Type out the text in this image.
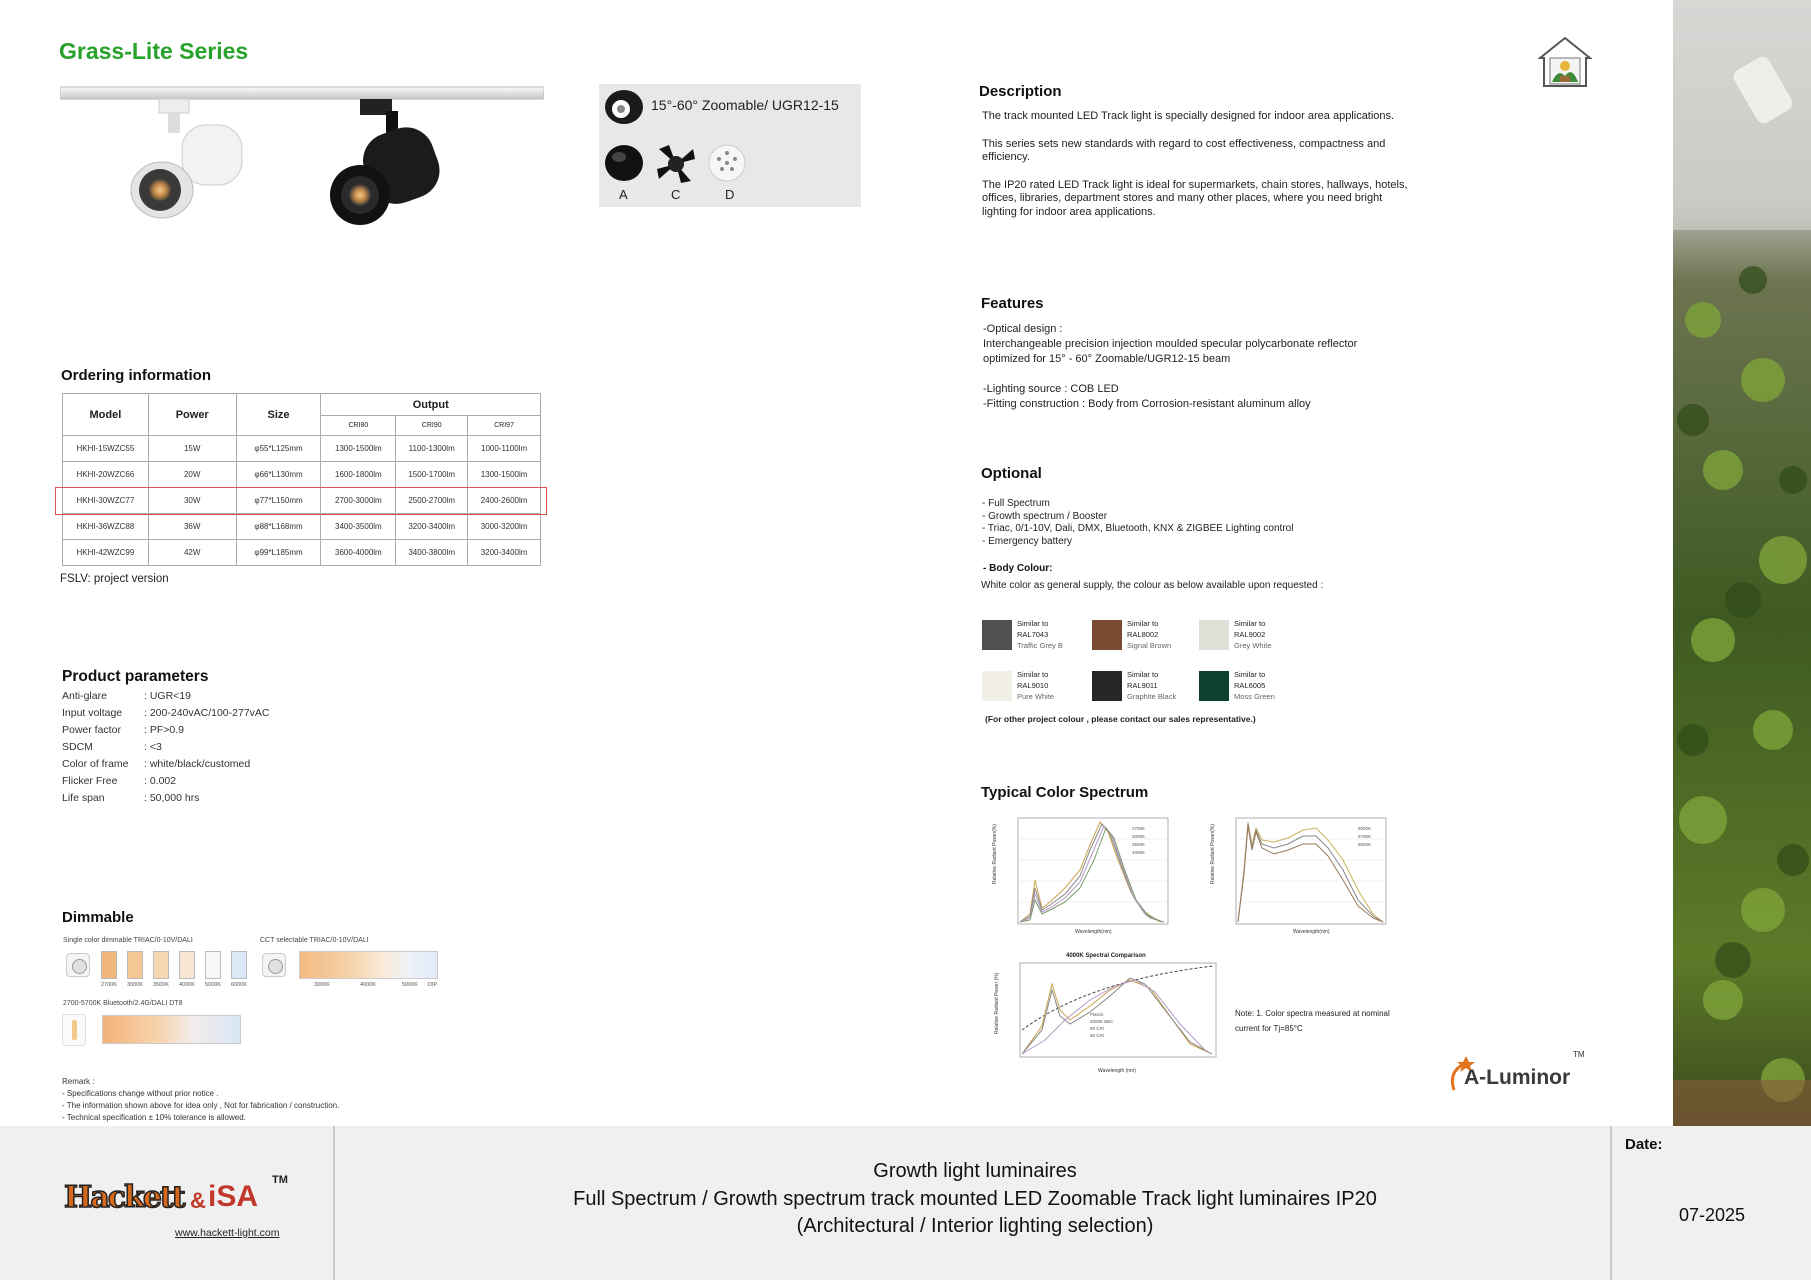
Grass-Lite Series
15°-60° Zoomable/ UGR12-15
A	C	D
Ordering information
Model	Power	Size	Output		
			CRI80	CRI90	CRI97
HKHI-15WZC55	15W	φ55*L125mm	1300-1500lm	1100-1300lm	1000-1100lm
HKHI-20WZC66	20W	φ66*L130mm	1600-1800lm	1500-1700lm	1300-1500lm
HKHI-30WZC77	30W	φ77*L150mm	2700-3000lm	2500-2700lm	2400-2600lm
HKHI-36WZC88	36W	φ88*L168mm	3400-3500lm	3200-3400lm	3000-3200lm
HKHI-42WZC99	42W	φ99*L185mm	3600-4000lm	3400-3800lm	3200-3400lm
FSLV: project version
Product parameters
Anti-glare	: UGR<19
Input voltage	: 200-240vAC/100-277vAC
Power factor	: PF>0.9
SDCM	: <3
Color of frame	: white/black/customed
Flicker Free	: 0.002
Life span	: 50,000 hrs
Dimmable
Single color dimmable TRIAC/0-10V/DALI
2700K 3000K 3500K 4000K 5000K 6000K
CCT selectable TRIAC/0-10V/DALI
3000K	4000K	5000K DIP
2700-5700K Bluetooth/2.4G/DALI DT8
Remark :
- Specifications change without prior notice .
- The information shown above for idea only , Not for fabrication / construction.
- Technical specification ± 10% tolerance is allowed.
Description

The track mounted LED Track light is specially designed for indoor area applications.

This series sets new standards with regard to cost effectiveness, compactness and efficiency.

The IP20 rated LED Track light is ideal for supermarkets, chain stores, hallways, hotels, offices, libraries, department stores and many other places, where you need bright lighting for indoor area applications.

Features
-Optical design :
Interchangeable precision injection moulded specular polycarbonate reflector
optimized for 15° - 60° Zoomable/UGR12-15 beam
-Lighting source : COB LED
-Fitting construction : Body from Corrosion-resistant aluminum alloy
Optional
- Full Spectrum
- Growth spectrum / Booster
- Triac, 0/1-10V, Dali, DMX, Bluetooth, KNX & ZIGBEE Lighting control
- Emergency battery
- Body Colour:
White color as general supply, the colour as below available upon requested :
Similar to
RAL7043
Traffic Grey B
Similar to
RAL8002
Signal Brown
Similar to
RAL9002
Grey White
Similar to
RAL9010
Pure White
Similar to
RAL9011
Graphite Black
Similar to
RAL6005
Moss Green
(For other project colour , please contact our sales representative.)
Typical Color Spectrum
Relative Radiant Power(%)
Wavelength(nm)
2700K
3000K
3500K
4000K	Relative Radiant Power(%)
Wavelength(nm)
5000K
5700K
6500K
4000K Spectral Comparison
Relative Radiant Power (%)
Wavelength (nm)
Planck
4000K BBC
80 CRI
90 CRI
Note: 1. Color spectra measured at nominal
current for Tj=85°C
A-Luminor
TM
Hackett & iSA TM
www.hackett-light.com
Growth light luminaires
Full Spectrum / Growth spectrum track mounted LED Zoomable Track light luminaires IP20
(Architectural / Interior lighting selection)
Date:
07-2025
